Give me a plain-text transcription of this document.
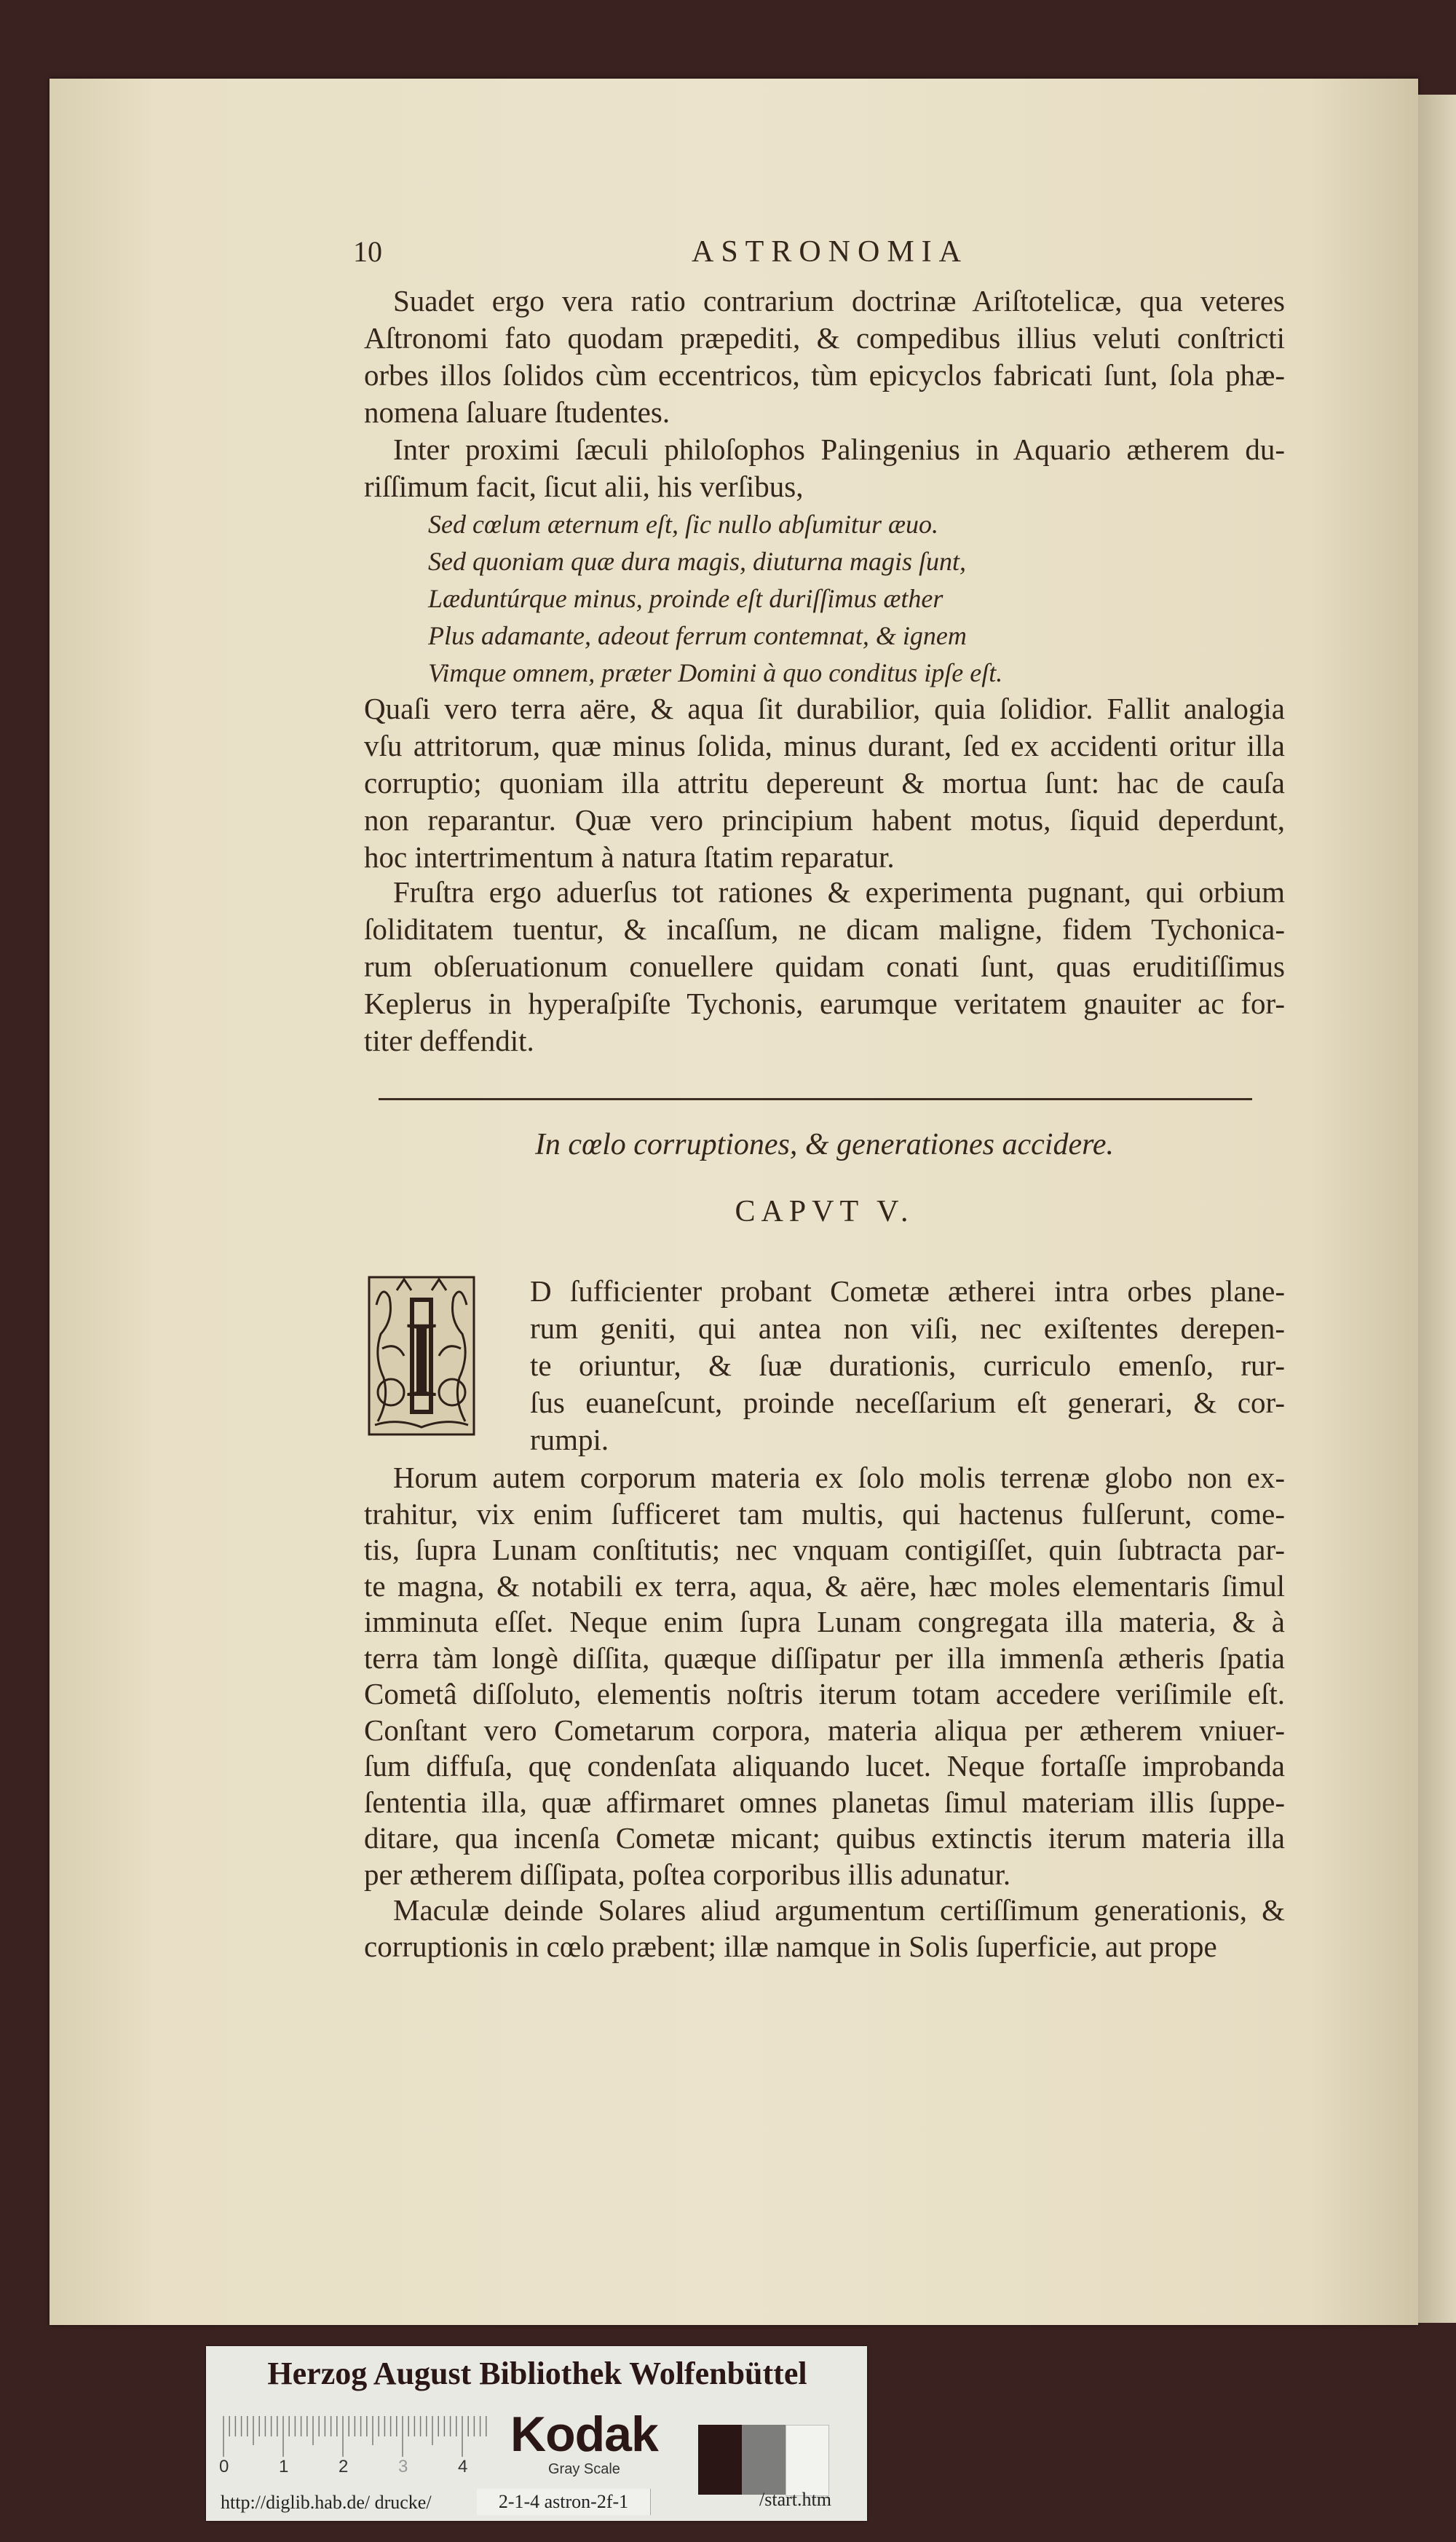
10	ASTRONOMIA
Suadet ergo vera ratio contrarium doctrinæ Ariſtotelicæ, qua veteres
Aſtronomi fato quodam præpediti, & compedibus illius veluti conſtricti
orbes illos ſolidos cùm eccentricos, tùm epicyclos fabricati ſunt, ſola phæ-
nomena ſaluare ſtudentes.
Inter proximi ſæculi philoſophos Palingenius in Aquario ætherem du-
riſſimum facit, ſicut alii, his verſibus,
Sed cœlum æternum eſt, ſic nullo abſumitur æuo.
Sed quoniam quæ dura magis, diuturna magis ſunt,
Læduntúrque minus, proinde eſt duriſſimus æther
Plus adamante, adeout ferrum contemnat, & ignem
Vimque omnem, præter Domini à quo conditus ipſe eſt.
Quaſi vero terra aëre, & aqua ſit durabilior, quia ſolidior. Fallit analogia
vſu attritorum, quæ minus ſolida, minus durant, ſed ex accidenti oritur illa
corruptio; quoniam illa attritu depereunt & mortua ſunt: hac de cauſa
non reparantur. Quæ vero principium habent motus, ſiquid deperdunt,
hoc intertrimentum à natura ſtatim reparatur.
Fruſtra ergo aduerſus tot rationes & experimenta pugnant, qui orbium
ſoliditatem tuentur, & incaſſum, ne dicam maligne, fidem Tychonica-
rum obſeruationum conuellere quidam conati ſunt, quas eruditiſſimus
Keplerus in hyperaſpiſte Tychonis, earumque veritatem gnauiter ac for-
titer deffendit.
In cœlo corruptiones, & generationes accidere.
CAPVT V.
I
D ſufficienter probant Cometæ ætherei intra orbes plane-
rum geniti, qui antea non viſi, nec exiſtentes derepen-
te oriuntur, & ſuæ durationis, curriculo emenſo, rur-
ſus euaneſcunt, proinde neceſſarium eſt generari, & cor-
rumpi.
Horum autem corporum materia ex ſolo molis terrenæ globo non ex-
trahitur, vix enim ſufficeret tam multis, qui hactenus fulſerunt, come-
tis, ſupra Lunam conſtitutis; nec vnquam contigiſſet, quin ſubtracta par-
te magna, & notabili ex terra, aqua, & aëre, hæc moles elementaris ſimul
imminuta eſſet. Neque enim ſupra Lunam congregata illa materia, & à
terra tàm longè diſſita, quæque diſſipatur per illa immenſa ætheris ſpatia
Cometâ diſſoluto, elementis noſtris iterum totam accedere veriſimile eſt.
Conſtant vero Cometarum corpora, materia aliqua per ætherem vniuer-
ſum diffuſa, quę condenſata aliquando lucet. Neque fortaſſe improbanda
ſententia illa, quæ affirmaret omnes planetas ſimul materiam illis ſuppe-
ditare, qua incenſa Cometæ micant; quibus extinctis iterum materia illa
per ætherem diſſipata, poſtea corporibus illis adunatur.
Maculæ deinde Solares aliud argumentum certiſſimum generationis, &
corruptionis in cœlo præbent; illæ namque in Solis ſuperficie, aut prope
Herzog August Bibliothek Wolfenbüttel
0	1	2	3	4
Kodak
Gray Scale
http://diglib.hab.de/ drucke/	2-1-4 astron-2f-1	/start.htm
